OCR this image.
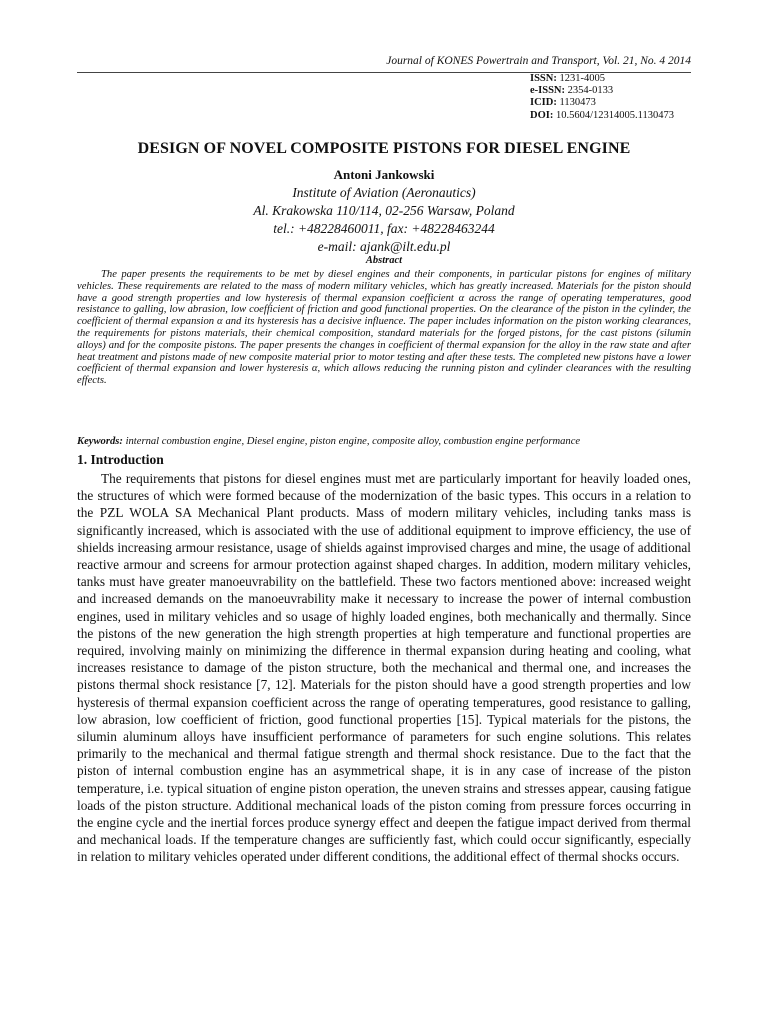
Journal of KONES Powertrain and Transport, Vol. 21, No. 4 2014
ISSN: 1231-4005
e-ISSN: 2354-0133
ICID: 1130473
DOI: 10.5604/12314005.1130473
DESIGN OF NOVEL COMPOSITE PISTONS FOR DIESEL ENGINE
Antoni Jankowski
Institute of Aviation (Aeronautics)
Al. Krakowska 110/114, 02-256 Warsaw, Poland
tel.: +48228460011, fax: +48228463244
e-mail: ajank@ilt.edu.pl
Abstract

The paper presents the requirements to be met by diesel engines and their components, in particular pistons for engines of military vehicles. These requirements are related to the mass of modern military vehicles, which has greatly increased. Materials for the piston should have a good strength properties and low hysteresis of thermal expansion coefficient α across the range of operating temperatures, good resistance to galling, low abrasion, low coefficient of friction and good functional properties. On the clearance of the piston in the cylinder, the coefficient of thermal expansion α and its hysteresis has a decisive influence. The paper includes information on the piston working clearances, the requirements for pistons materials, their chemical composition, standard materials for the forged pistons, for the cast pistons (silumin alloys) and for the composite pistons. The paper presents the changes in coefficient of thermal expansion for the alloy in the raw state and after heat treatment and pistons made of new composite material prior to motor testing and after these tests. The completed new pistons have a lower coefficient of thermal expansion and lower hysteresis α, which allows reducing the running piston and cylinder clearances with the resulting effects.

Keywords: internal combustion engine, Diesel engine, piston engine, composite alloy, combustion engine performance

1. Introduction

The requirements that pistons for diesel engines must met are particularly important for heavily loaded ones, the structures of which were formed because of the modernization of the basic types. This occurs in a relation to the PZL WOLA SA Mechanical Plant products. Mass of modern military vehicles, including tanks mass is significantly increased, which is associated with the use of additional equipment to improve efficiency, the use of shields increasing armour resistance, usage of shields against improvised charges and mine, the usage of additional reactive armour and screens for armour protection against shaped charges. In addition, modern military vehicles, tanks must have greater manoeuvrability on the battlefield. These two factors mentioned above: increased weight and increased demands on the manoeuvrability make it necessary to increase the power of internal combustion engines, used in military vehicles and so usage of highly loaded engines, both mechanically and thermally. Since the pistons of the new generation the high strength properties at high temperature and functional properties are required, involving mainly on minimizing the difference in thermal expansion during heating and cooling, what increases resistance to damage of the piston structure, both the mechanical and thermal one, and increases the pistons thermal shock resistance [7, 12]. Materials for the piston should have a good strength properties and low hysteresis of thermal expansion coefficient across the range of operating temperatures, good resistance to galling, low abrasion, low coefficient of friction, good functional properties [15]. Typical materials for the pistons, the silumin aluminum alloys have insufficient performance of parameters for such engine solutions. This relates primarily to the mechanical and thermal fatigue strength and thermal shock resistance. Due to the fact that the piston of internal combustion engine has an asymmetrical shape, it is in any case of increase of the piston temperature, i.e. typical situation of engine piston operation, the uneven strains and stresses appear, causing fatigue loads of the piston structure. Additional mechanical loads of the piston coming from pressure forces occurring in the engine cycle and the inertial forces produce synergy effect and deepen the fatigue impact derived from thermal and mechanical loads. If the temperature changes are sufficiently fast, which could occur significantly, especially in relation to military vehicles operated under different conditions, the additional effect of thermal shocks occurs.
